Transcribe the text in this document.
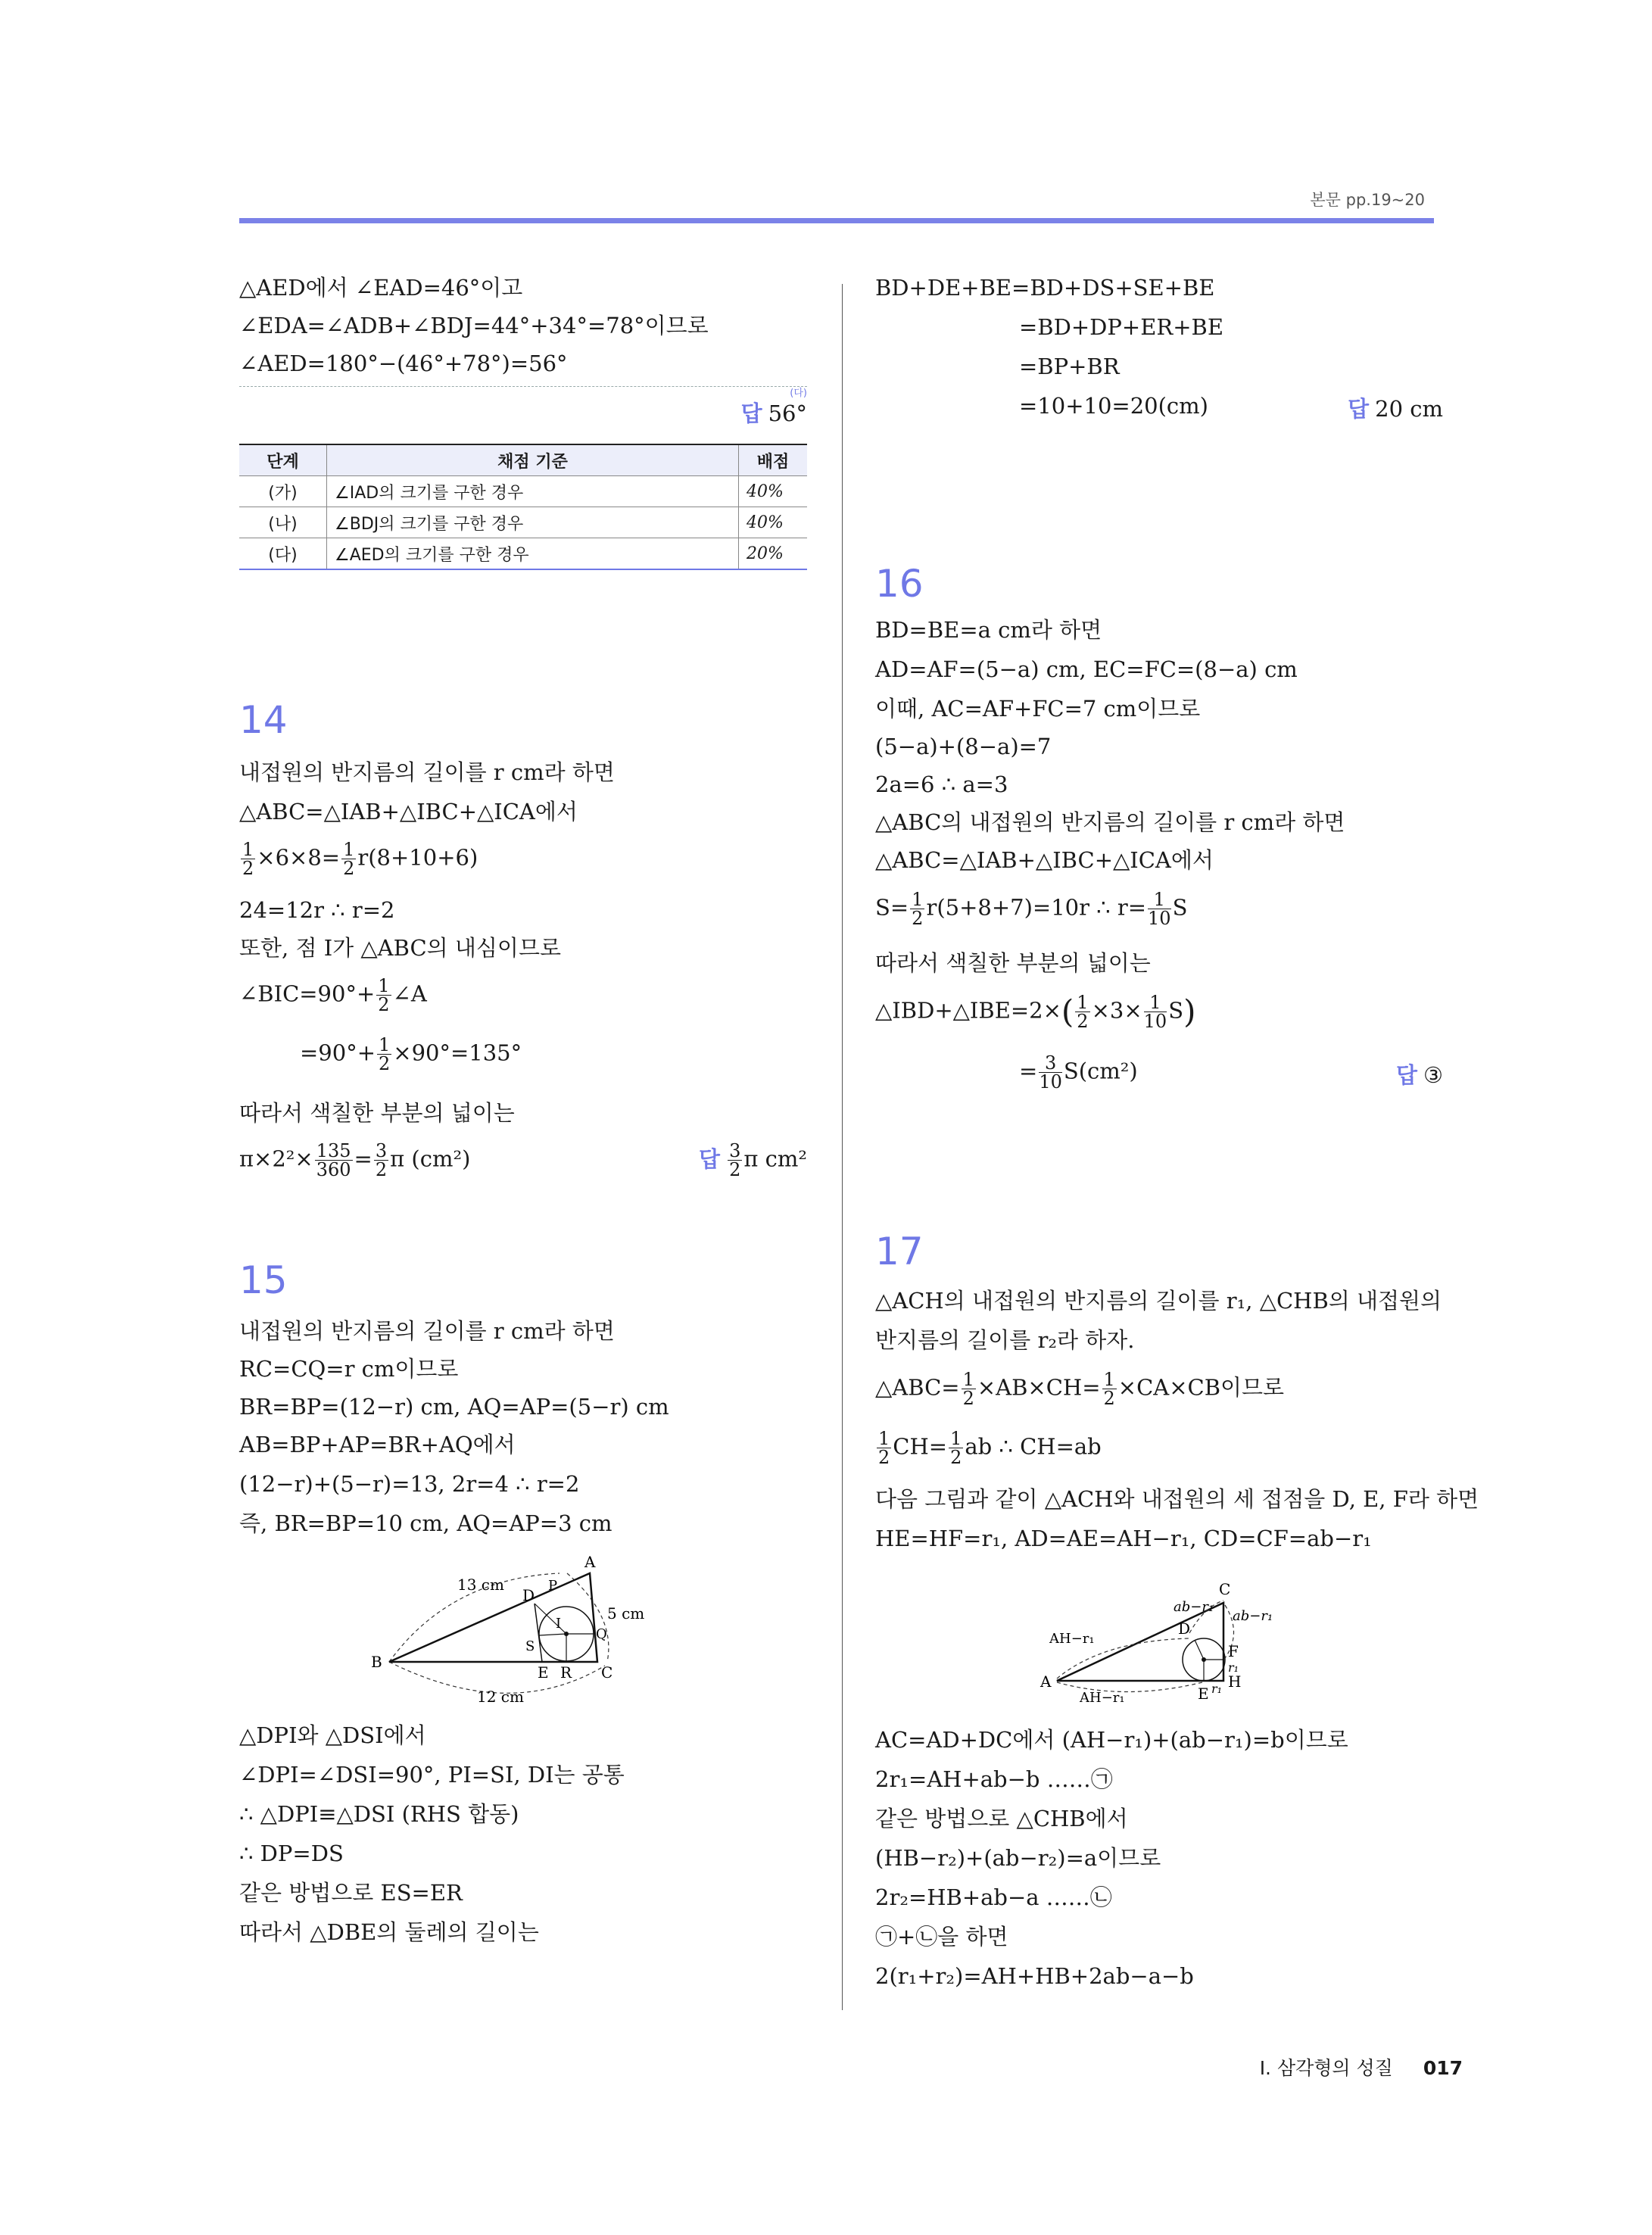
본문 pp.19~20
△AED에서 ∠EAD=46°이고
∠EDA=∠ADB+∠BDJ=44°+34°=78°이므로
∠AED=180°−(46°+78°)=56°
(다)
답 56°
단계	채점 기준	배점
(가)	∠IAD의 크기를 구한 경우	40%
(나)	∠BDJ의 크기를 구한 경우	40%
(다)	∠AED의 크기를 구한 경우	20%
14
내접원의 반지름의 길이를 r cm라 하면
△ABC=△IAB+△IBC+△ICA에서
$\frac{1}{2} \times 6\times 8= \frac{1}{2} r(8+10+6)$
24=12r ∴ r=2
또한, 점 I가 △ABC의 내심이므로
∠BIC=90°+ $\frac{1}{2}$ ∠A
$=90^\circ+ \frac{1}{2} \times 90^\circ=135^\circ$
따라서 색칠한 부분의 넓이는
$\pi\times 2^2\times \frac{135}{360} = \frac{3}{2}$ π (cm²)	답 $\frac{3}{2}$ π cm²
15
내접원의 반지름의 길이를 r cm라 하면
RC=CQ=r cm이므로
BR=BP=(12−r) cm, AQ=AP=(5−r) cm
AB=BP+AP=BR+AQ에서
(12−r)+(5−r)=13, 2r=4 ∴ r=2
즉, BR=BP=10 cm, AQ=AP=3 cm
B
A
C
D
E R
I
P
Q
S
13 cm
5 cm
12 cm
△DPI와 △DSI에서
∠DPI=∠DSI=90°, PI=SI, DI는 공통
∴ △DPI≡△DSI (RHS 합동)
∴ DP=DS
같은 방법으로 ES=ER
따라서 △DBE의 둘레의 길이는
BD+DE+BE=BD+DS+SE+BE
=BD+DP+ER+BE
=BP+BR
=10+10=20(cm)	답 20 cm
16
BD=BE=a cm라 하면
AD=AF=(5−a) cm, EC=FC=(8−a) cm
이때, AC=AF+FC=7 cm이므로
(5−a)+(8−a)=7
2a=6 ∴ a=3
△ABC의 내접원의 반지름의 길이를 r cm라 하면
△ABC=△IAB+△IBC+△ICA에서
$S= \frac{1}{2} r(5+8+7)=10r$ ∴ $r= \frac{1}{10}$ S
따라서 색칠한 부분의 넓이는
△IBD+△IBE=2×( $\frac{1}{2} \times 3\times \frac{1}{10} S$)
= $\frac{3}{10} S(cm^2)$	답 ③
17
△ACH의 내접원의 반지름의 길이를 r₁, △CHB의 내접원의
반지름의 길이를 r₂라 하자.
△ABC= $\frac{1}{2} \times AB\times CH= \frac{1}{2} \times CA\times CB$이므로
$\frac{1}{2} CH= \frac{1}{2}$ ab ∴ CH=ab
다음 그림과 같이 △ACH와 내접원의 세 접점을 D, E, F라 하면
HE=HF=r₁, AD=AE=AH−r₁, CD=CF=ab−r₁
A
C
D
E
F
H
ab−r₁
ab−r₁
AH−r₁
AH−r₁
r₁
r₁
AC=AD+DC에서 (AH−r₁)+(ab−r₁)=b이므로
2r₁=AH+ab−b ……㉠
같은 방법으로 △CHB에서
(HB−r₂)+(ab−r₂)=a이므로
2r₂=HB+ab−a ……㉡
㉠+㉡을 하면
2(r₁+r₂)=AH+HB+2ab−a−b
Ⅰ. 삼각형의 성질 017
